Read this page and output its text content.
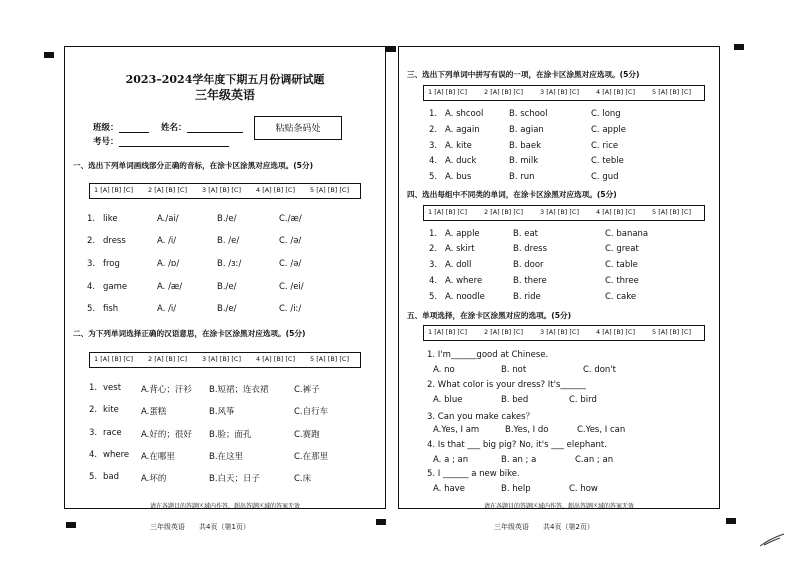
2023–2024学年度下期五月份调研试题
三年级英语
班级：	姓名：
考号：
粘贴条码处
一、选出下列单词画线部分正确的音标，在涂卡区涂黑对应选项。(5分)
1 [A] [B] [C] 2 [A] [B] [C] 3 [A] [B] [C] 4 [A] [B] [C] 5 [A] [B] [C]
1. like	A./ai/	B./e/	C./æ/
2. dress	A. /i/	B. /e/	C. /ə/
3. frog	A. /ɒ/	B. /ɜː/	C. /ə/
4. game	A. /æ/	B./e/	C. /ei/
5. fish	A. /i/	B./e/	C. /iː/
二、为下列单词选择正确的汉语意思，在涂卡区涂黑对应选项。(5分)
1 [A] [B] [C] 2 [A] [B] [C] 3 [A] [B] [C] 4 [A] [B] [C] 5 [A] [B] [C]
1. vest A.背心；汗衫 B.短裙；连衣裙	C.裤子
2. kite	A.蛋糕	B.风筝	C.自行车
3. race A.好的；很好 B.脸；面孔	C.赛跑
4. where A.在哪里	B.在这里	C.在那里
5. bad	A.坏的	B.白天；日子	C.床
请在各题目的答题区域内作答，超出答题区域的答案无效
三年级英语　　共4页（第1页）
三、选出下列单词中拼写有误的一项，在涂卡区涂黑对应选项。(5分)
1 [A] [B] [C]	2 [A] [B] [C]	3 [A] [B] [C]	4 [A] [B] [C]	5 [A] [B] [C]
1. A. shcool	B. school	C. long
2. A. again	B. agian	C. apple
3. A. kite	B. baek	C. rice
4. A. duck	B. milk	C. teble
5. A. bus	B. run	C. gud
四、选出每组中不同类的单词，在涂卡区涂黑对应选项。(5分)
1 [A] [B] [C]	2 [A] [B] [C]	3 [A] [B] [C]	4 [A] [B] [C]	5 [A] [B] [C]
1. A. apple	B. eat	C. banana
2. A. skirt	B. dress	C. great
3. A. doll	B. door	C. table
4. A. where	B. there	C. three
5. A. noodle	B. ride	C. cake
五、单项选择，在涂卡区涂黑对应的选项。(5分)
1 [A] [B] [C]	2 [A] [B] [C]	3 [A] [B] [C]	4 [A] [B] [C]	5 [A] [B] [C]
1. I'm______good at Chinese.
A. no	B. not	C. don't
2. What color is your dress? It's______
A. blue	B. bed	C. bird
3. Can you make cakes？
A.Yes, I am	B.Yes, I do	C.Yes, I can
4. Is that ___ big pig? No, it's ___ elephant.
A. a ; an	B. an ; a	C.an ; an
5. I ______ a new bike.
A. have	B. help	C. how
请在各题目的答题区域内作答，超出答题区域的答案无效
三年级英语　　共4页（第2页）
